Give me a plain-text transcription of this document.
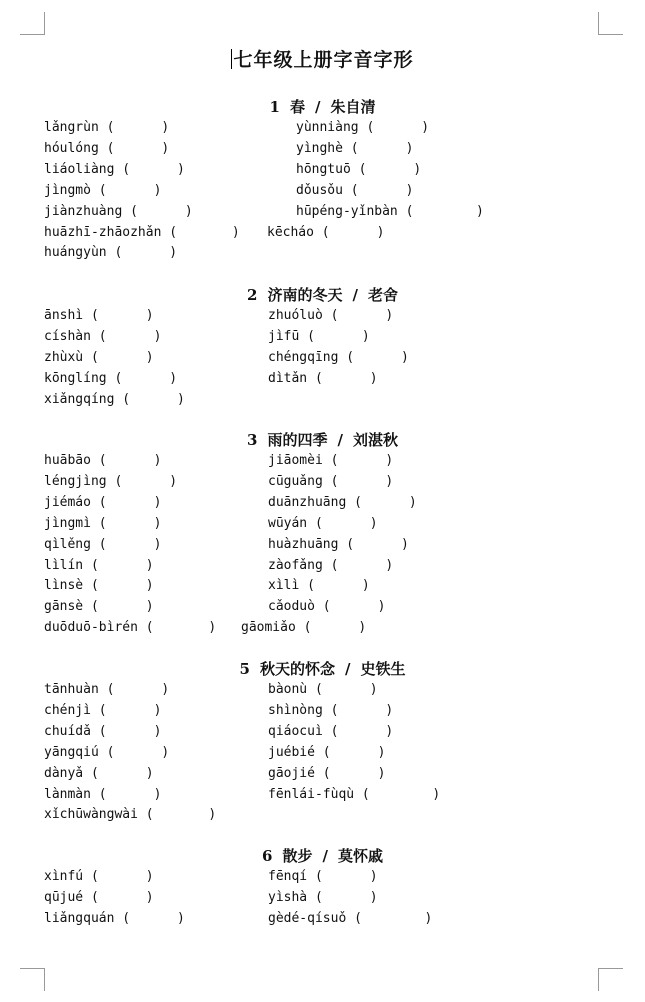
七年级上册字音字形
1 春 / 朱自清
lǎngrùn (      )	yùnniàng (      )
hóulóng (      )	yìnghè (      )
liáoliàng (      )	hōngtuō (      )
jìngmò (      )	dǒusǒu (      )
jiànzhuàng (      )	hūpéng-yǐnbàn (        )
huāzhī-zhāozhǎn (       ) kēcháo (      )
huángyùn (      )
2 济南的冬天 / 老舍
ānshì (      )	zhuóluò (      )
císhàn (      )	jìfū (      )
zhùxù (      )	chéngqīng (      )
kōnglíng (      )	dìtǎn (      )
xiǎngqíng (      )
3 雨的四季 / 刘湛秋
huābāo (      )	jiāomèi (      )
léngjìng (      )	cūguǎng (      )
jiémáo (      )	duānzhuāng (      )
jìngmì (      )	wūyán (      )
qìlěng (      )	huàzhuāng (      )
lìlín (      )	zàofǎng (      )
lìnsè (      )	xìlì (      )
gānsè (      )	cǎoduò (      )
duōduō-bìrén (       ) gāomiǎo (      )
5 秋天的怀念 / 史铁生
tānhuàn (      )	bàonù (      )
chénjì (      )	shìnòng (      )
chuídǎ (      )	qiáocuì (      )
yāngqiú (      )	juébié (      )
dànyǎ (      )	gāojié (      )
lànmàn (      )	fēnlái-fùqù (        )
xǐchūwàngwài (       )
6 散步 / 莫怀戚
xìnfú (      )	fēnqí (      )
qūjué (      )	yìshà (      )
liǎngquán (      )	gèdé-qísuǒ (        )
